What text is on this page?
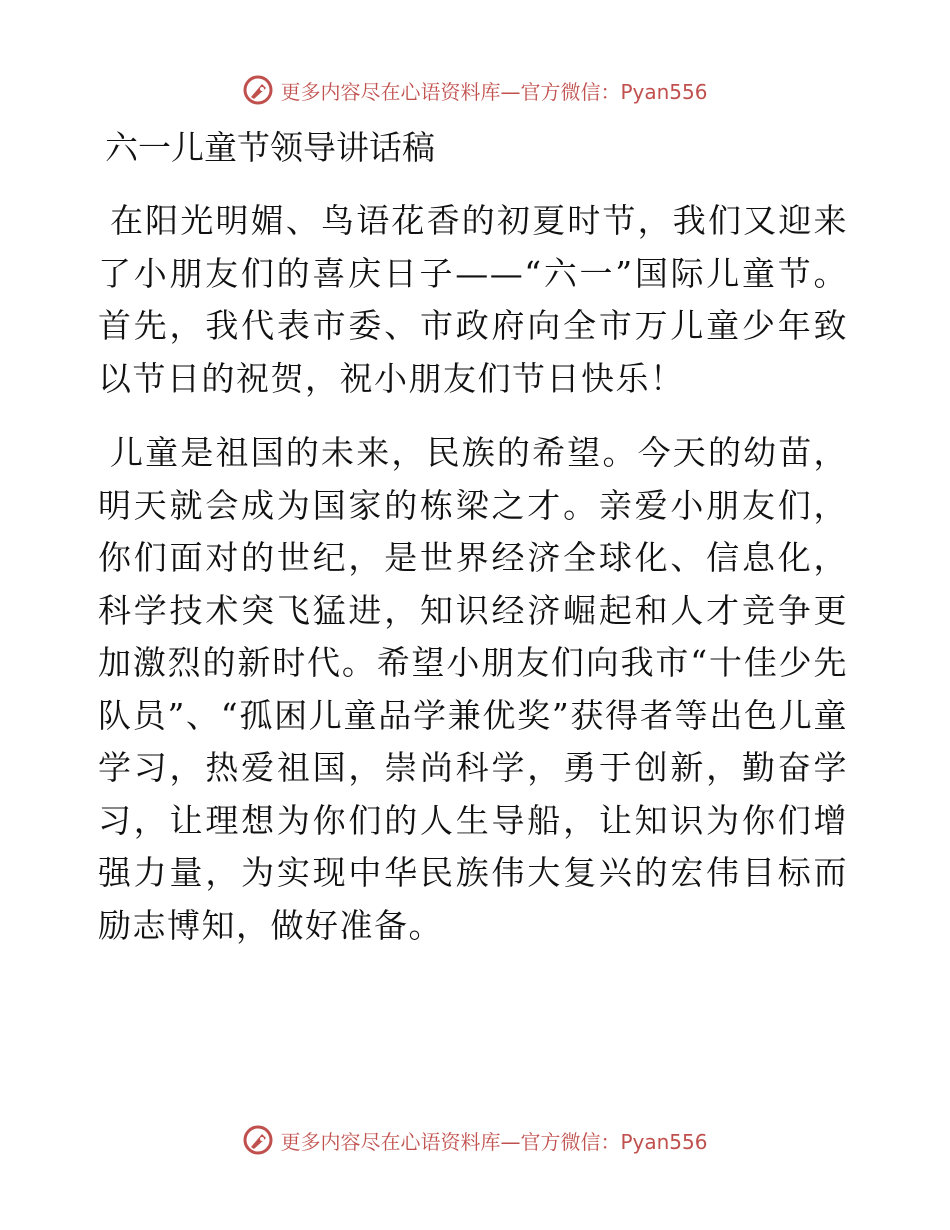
更多内容尽在心语资料库—官方微信：Pyan556
六一儿童节领导讲话稿

在阳光明媚、鸟语花香的初夏时节，我们又迎来了小朋友们的喜庆日子——“六一”国际儿童节。首先，我代表市委、市政府向全市万儿童少年致以节日的祝贺，祝小朋友们节日快乐！

儿童是祖国的未来，民族的希望。今天的幼苗，明天就会成为国家的栋梁之才。亲爱小朋友们，你们面对的世纪，是世界经济全球化、信息化，科学技术突飞猛进，知识经济崛起和人才竞争更加激烈的新时代。希望小朋友们向我市“十佳少先队员”、“孤困儿童品学兼优奖”获得者等出色儿童学习，热爱祖国，崇尚科学，勇于创新，勤奋学习，让理想为你们的人生导船，让知识为你们增强力量，为实现中华民族伟大复兴的宏伟目标而励志博知，做好准备。

更多内容尽在心语资料库—官方微信：Pyan556
